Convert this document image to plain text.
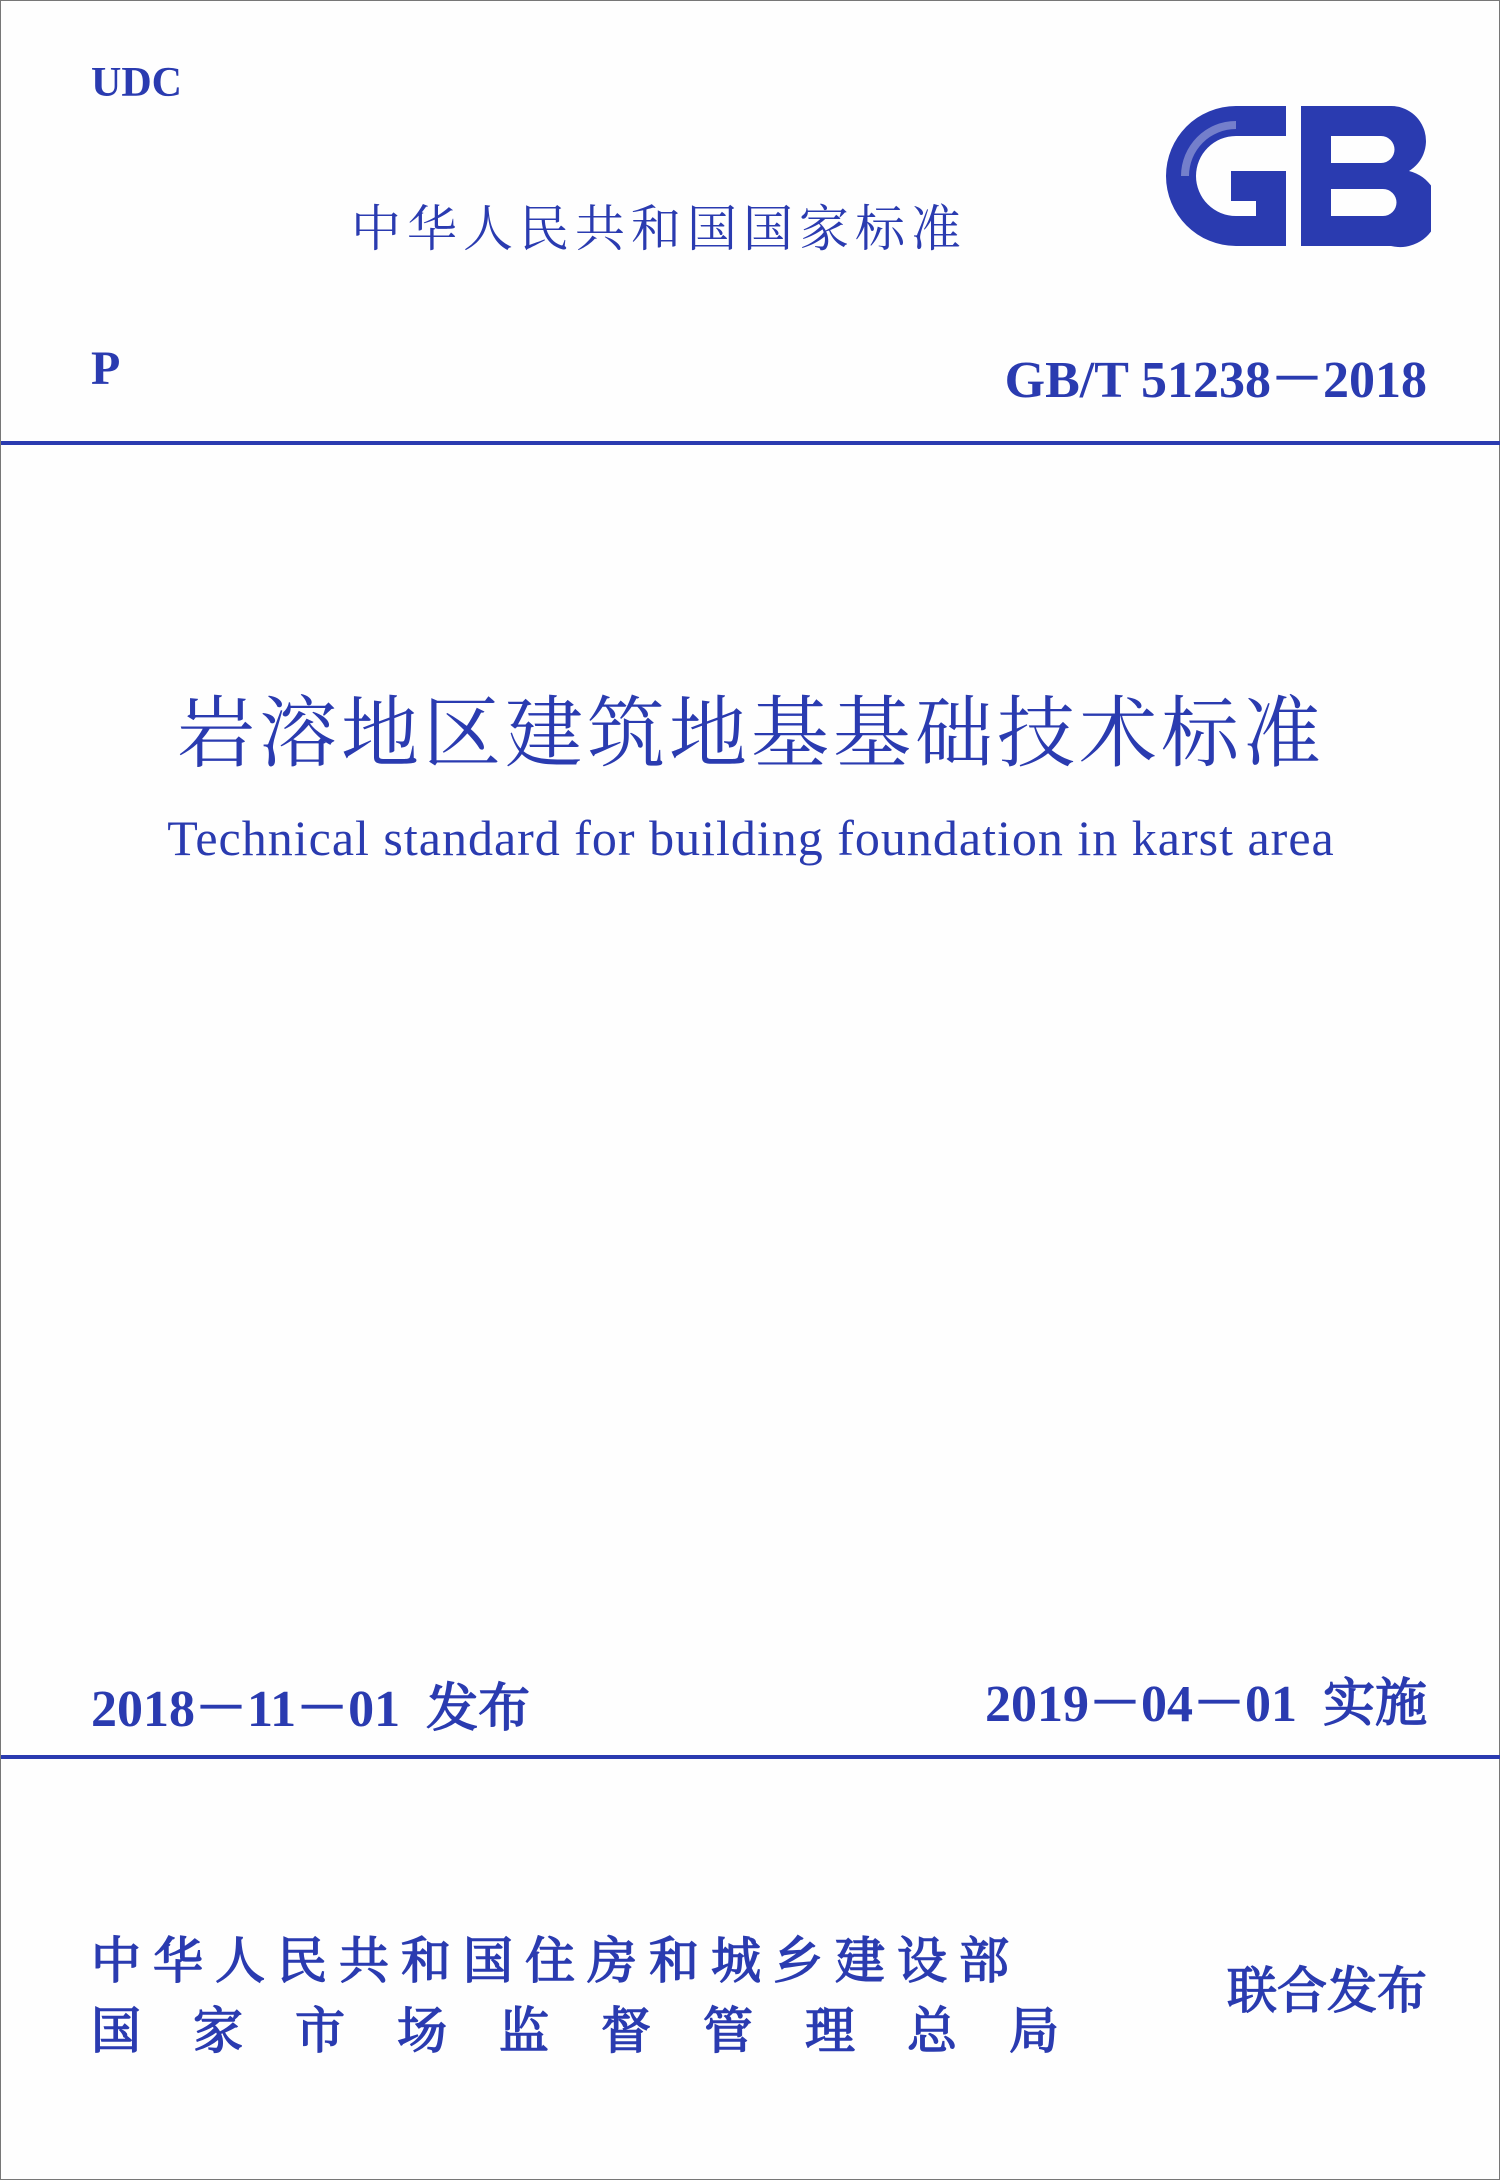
UDC
中华人民共和国国家标准
P	GB/T 51238－2018
岩溶地区建筑地基基础技术标准
Technical standard for building foundation in karst area
2018－11－01  发布	2019－04－01  实施
中华人民共和国住房和城乡建设部
国家市场监督管理总局
联合发布
